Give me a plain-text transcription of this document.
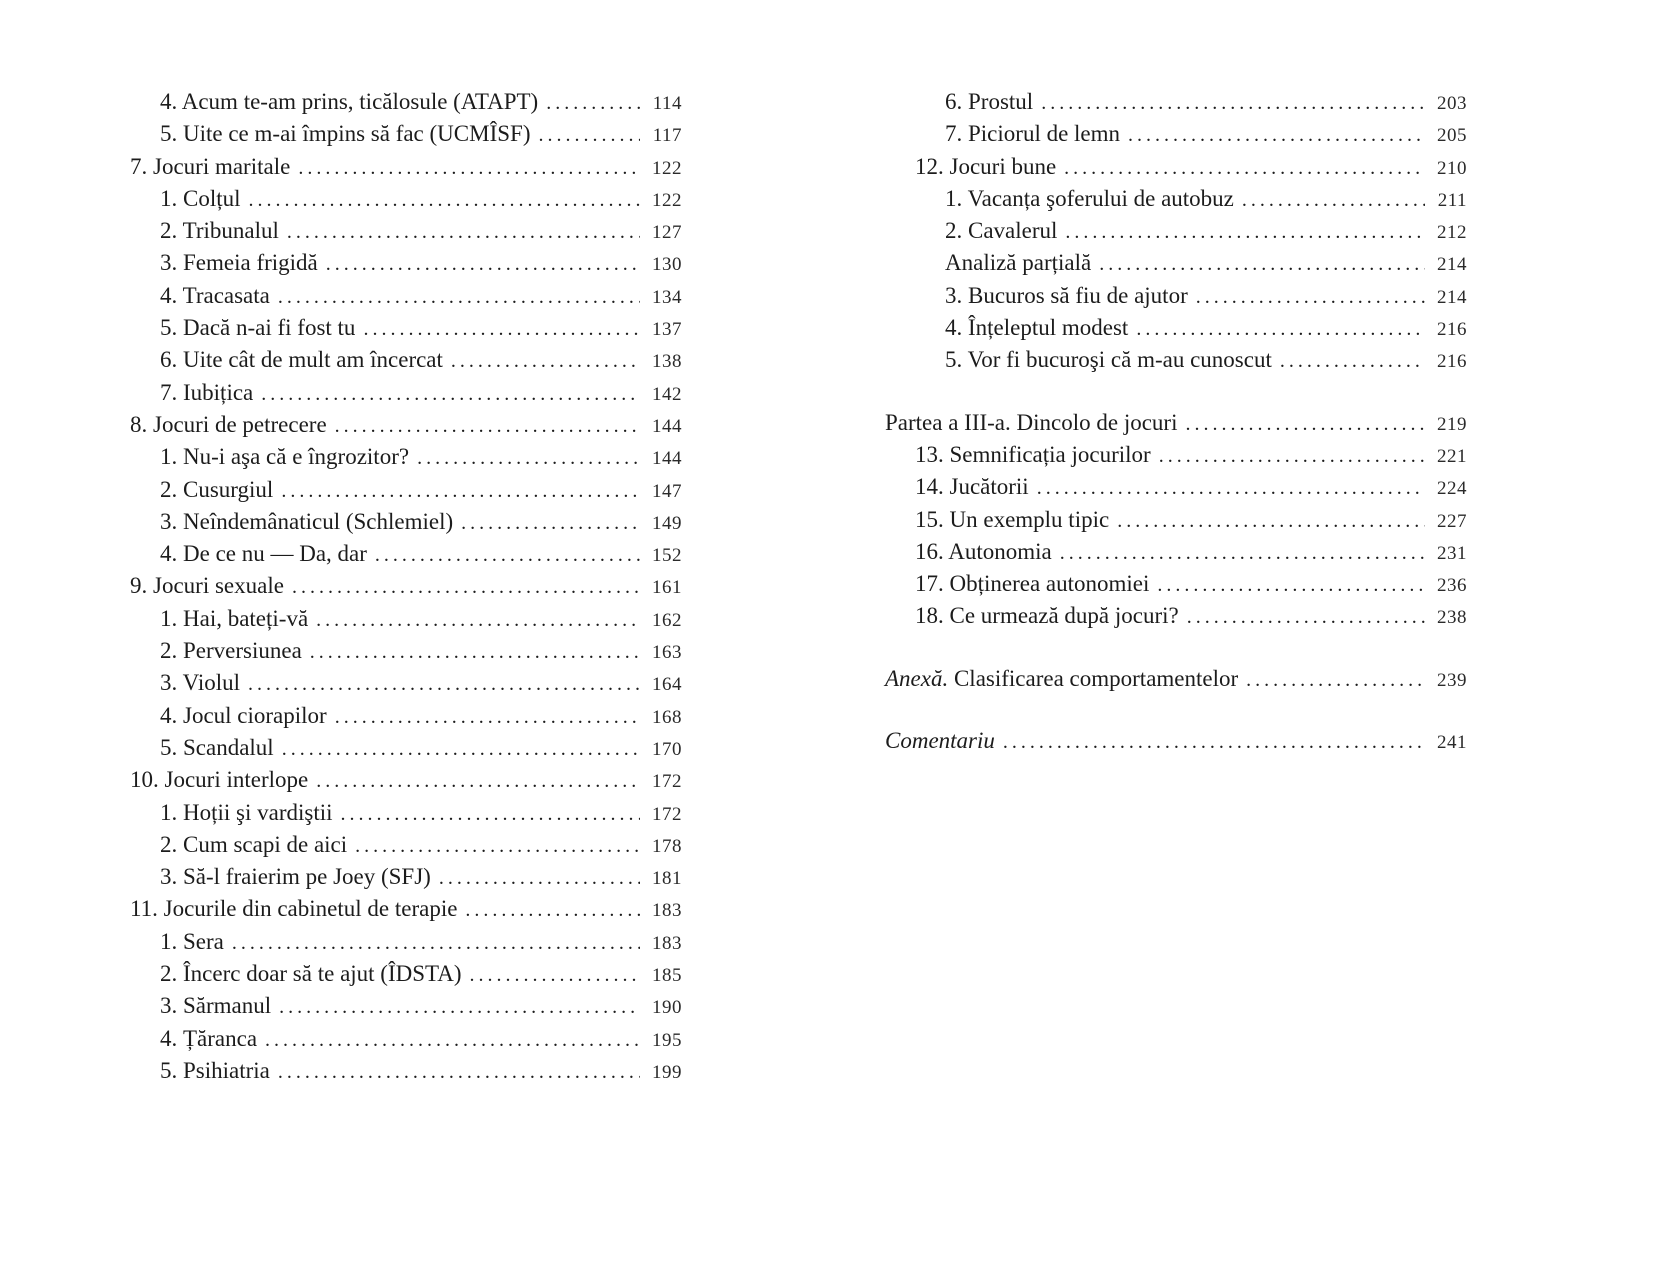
4. Acum te-am prins, ticălosule (ATAPT) .....	114
5. Uite ce m-ai împins să fac (UCMÎSF) .....	117
7. Jocuri maritale .....	122
1. Colțul .....	122
2. Tribunalul .....	127
3. Femeia frigidă .....	130
4. Tracasata .....	134
5. Dacă n-ai fi fost tu .....	137
6. Uite cât de mult am încercat .....	138
7. Iubițica .....	142
8. Jocuri de petrecere .....	144
1. Nu-i aşa că e îngrozitor? .....	144
2. Cusurgiul .....	147
3. Neîndemânaticul (Schlemiel) .....	149
4. De ce nu — Da, dar .....	152
9. Jocuri sexuale .....	161
1. Hai, bateți-vă .....	162
2. Perversiunea .....	163
3. Violul .....	164
4. Jocul ciorapilor .....	168
5. Scandalul .....	170
10. Jocuri interlope .....	172
1. Hoții şi vardiştii .....	172
2. Cum scapi de aici .....	178
3. Să-l fraierim pe Joey (SFJ) .....	181
11. Jocurile din cabinetul de terapie .....	183
1. Sera .....	183
2. Încerc doar să te ajut (ÎDSTA) .....	185
3. Sărmanul .....	190
4. Țăranca .....	195
5. Psihiatria .....	199
6. Prostul .....	203
7. Piciorul de lemn .....	205
12. Jocuri bune .....	210
1. Vacanța şoferului de autobuz .....	211
2. Cavalerul .....	212
Analiză parțială .....	214
3. Bucuros să fiu de ajutor .....	214
4. Înțeleptul modest .....	216
5. Vor fi bucuroşi că m-au cunoscut .....	216
Partea a III-a. Dincolo de jocuri .....	219
13. Semnificația jocurilor .....	221
14. Jucătorii .....	224
15. Un exemplu tipic .....	227
16. Autonomia .....	231
17. Obținerea autonomiei .....	236
18. Ce urmează după jocuri? .....	238
Anexă. Clasificarea comportamentelor .....	239
Comentariu .....	241
